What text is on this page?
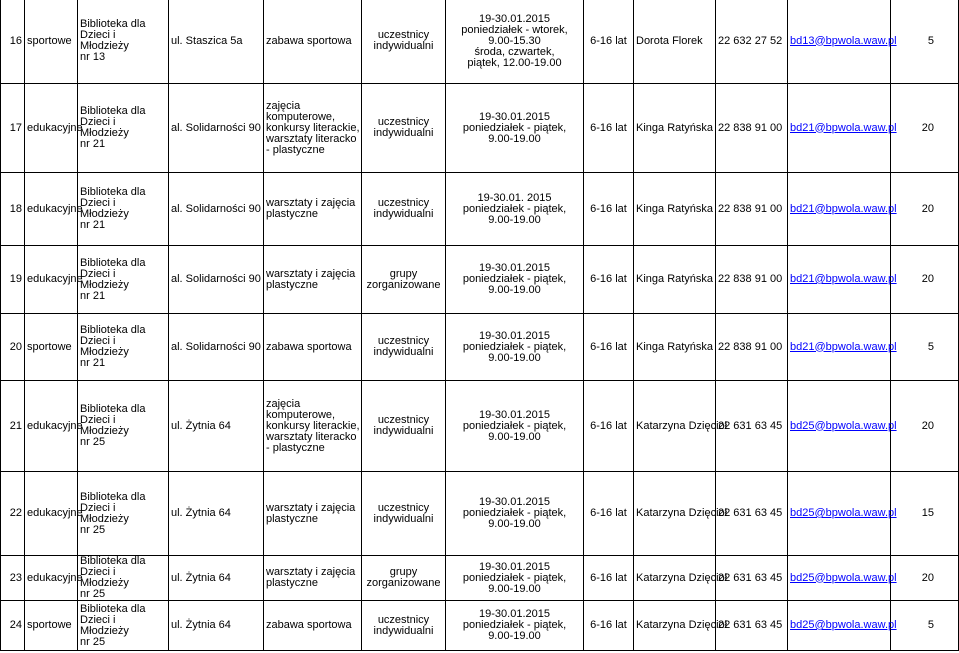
16	sportowe	Biblioteka dla
Dzieci i Młodzieży
nr 13	ul. Staszica 5a	zabawa sportowa	uczestnicy
indywidualni	19-30.01.2015
poniedziałek - wtorek,
9.00-15.30
środa, czwartek,
piątek, 12.00-19.00	6-16 lat	Dorota Florek	22 632 27 52	bd13@bpwola.waw.pl	5
17	edukacyjne	Biblioteka dla
Dzieci i Młodzieży
nr 21	al. Solidarności 90	zajęcia
komputerowe,
konkursy literackie,
warsztaty literacko
- plastyczne	uczestnicy
indywidualni	19-30.01.2015
poniedziałek - piątek,
9.00-19.00	6-16 lat	Kinga Ratyńska	22 838 91 00	bd21@bpwola.waw.pl	20
18	edukacyjne	Biblioteka dla
Dzieci i Młodzieży
nr 21	al. Solidarności 90	warsztaty i zajęcia
plastyczne	uczestnicy
indywidualni	19-30.01. 2015
poniedziałek - piątek,
9.00-19.00	6-16 lat	Kinga Ratyńska	22 838 91 00	bd21@bpwola.waw.pl	20
19	edukacyjne	Biblioteka dla
Dzieci i Młodzieży
nr 21	al. Solidarności 90	warsztaty i zajęcia
plastyczne	grupy
zorganizowane	19-30.01.2015
poniedziałek - piątek,
9.00-19.00	6-16 lat	Kinga Ratyńska	22 838 91 00	bd21@bpwola.waw.pl	20
20	sportowe	Biblioteka dla
Dzieci i Młodzieży
nr 21	al. Solidarności 90	zabawa sportowa	uczestnicy
indywidualni	19-30.01.2015
poniedziałek - piątek,
9.00-19.00	6-16 lat	Kinga Ratyńska	22 838 91 00	bd21@bpwola.waw.pl	5
21	edukacyjne	Biblioteka dla
Dzieci i Młodzieży
nr 25	ul. Żytnia 64	zajęcia
komputerowe,
konkursy literackie,
warsztaty literacko
- plastyczne	uczestnicy
indywidualni	19-30.01.2015
poniedziałek - piątek,
9.00-19.00	6-16 lat	Katarzyna Dzięcioł	22 631 63 45	bd25@bpwola.waw.pl	20
22	edukacyjne	Biblioteka dla
Dzieci i Młodzieży
nr 25	ul. Żytnia 64	warsztaty i zajęcia
plastyczne	uczestnicy
indywidualni	19-30.01.2015
poniedziałek - piątek,
9.00-19.00	6-16 lat	Katarzyna Dzięcioł	22 631 63 45	bd25@bpwola.waw.pl	15
23	edukacyjne	Biblioteka dla
Dzieci i Młodzieży
nr 25	ul. Żytnia 64	warsztaty i zajęcia
plastyczne	grupy
zorganizowane	19-30.01.2015
poniedziałek - piątek,
9.00-19.00	6-16 lat	Katarzyna Dzięcioł	22 631 63 45	bd25@bpwola.waw.pl	20
24	sportowe	Biblioteka dla
Dzieci i Młodzieży
nr 25	ul. Żytnia 64	zabawa sportowa	uczestnicy
indywidualni	19-30.01.2015
poniedziałek - piątek,
9.00-19.00	6-16 lat	Katarzyna Dzięcioł	22 631 63 45	bd25@bpwola.waw.pl	5
